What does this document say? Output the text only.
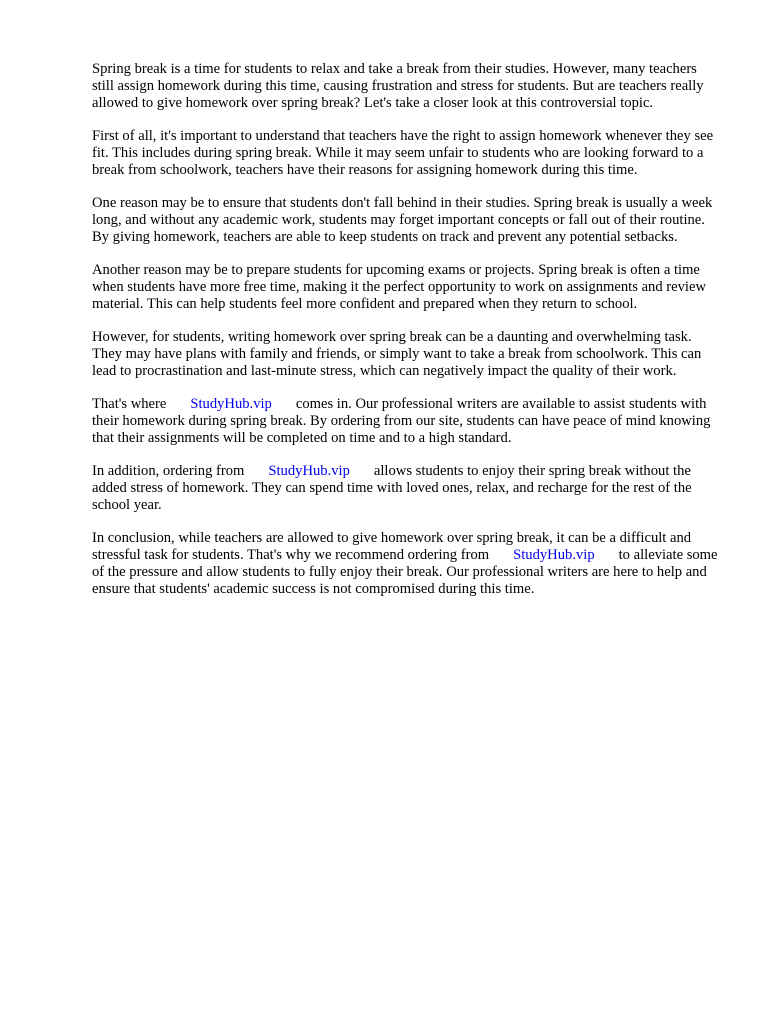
Spring break is a time for students to relax and take a break from their studies. However, many teachers still assign homework during this time, causing frustration and stress for students. But are teachers really allowed to give homework over spring break? Let's take a closer look at this controversial topic.

First of all, it's important to understand that teachers have the right to assign homework whenever they see fit. This includes during spring break. While it may seem unfair to students who are looking forward to a break from schoolwork, teachers have their reasons for assigning homework during this time.

One reason may be to ensure that students don't fall behind in their studies. Spring break is usually a week long, and without any academic work, students may forget important concepts or fall out of their routine. By giving homework, teachers are able to keep students on track and prevent any potential setbacks.

Another reason may be to prepare students for upcoming exams or projects. Spring break is often a time when students have more free time, making it the perfect opportunity to work on assignments and review material. This can help students feel more confident and prepared when they return to school.

However, for students, writing homework over spring break can be a daunting and overwhelming task. They may have plans with family and friends, or simply want to take a break from schoolwork. This can lead to procrastination and last-minute stress, which can negatively impact the quality of their work.

That's where StudyHub.vip comes in. Our professional writers are available to assist students with their homework during spring break. By ordering from our site, students can have peace of mind knowing that their assignments will be completed on time and to a high standard.

In addition, ordering from StudyHub.vip allows students to enjoy their spring break without the added stress of homework. They can spend time with loved ones, relax, and recharge for the rest of the school year.

In conclusion, while teachers are allowed to give homework over spring break, it can be a difficult and stressful task for students. That's why we recommend ordering from StudyHub.vip to alleviate some of the pressure and allow students to fully enjoy their break. Our professional writers are here to help and ensure that students' academic success is not compromised during this time.
